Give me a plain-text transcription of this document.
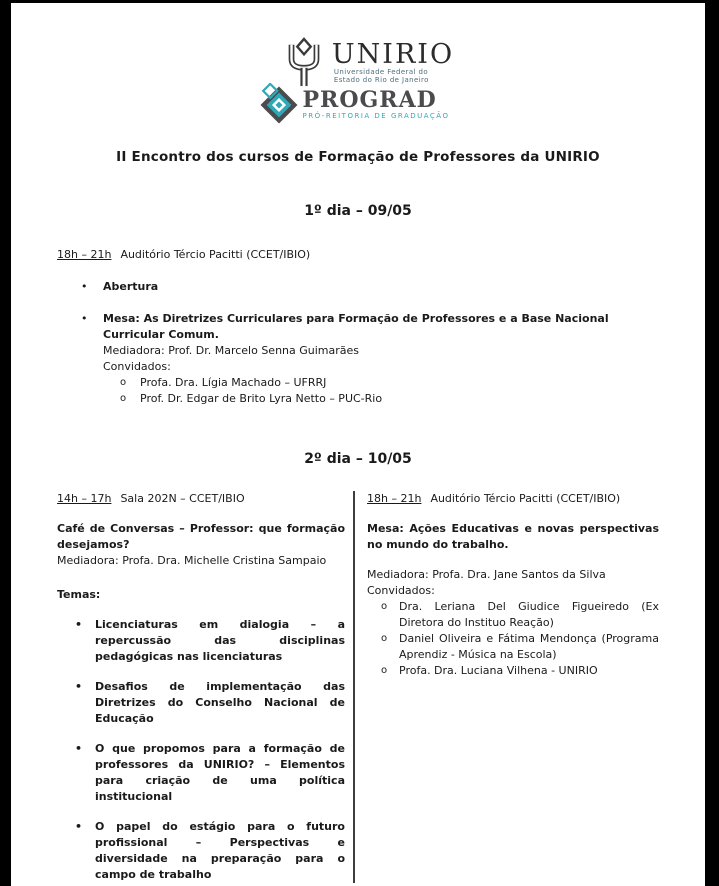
UNIRIO
Universidade Federal do
Estado do Rio de Janeiro
PROGRAD
PRÓ-REITORIA DE GRADUAÇÃO
II Encontro dos cursos de Formação de Professores da UNIRIO
1º dia – 09/05
18h – 21h Auditório Tércio Pacitti (CCET/IBIO)
•	Abertura
•	Mesa: As Diretrizes Curriculares para Formação de Professores e a Base Nacional Curricular Comum.
Mediadora: Prof. Dr. Marcelo Senna Guimarães
Convidados:
o	Profa. Dra. Lígia Machado – UFRRJ
o	Prof. Dr. Edgar de Brito Lyra Netto – PUC-Rio
2º dia – 10/05
14h – 17h Sala 202N – CCET/IBIO
Café de Conversas – Professor: que formação desejamos?
Mediadora: Profa. Dra. Michelle Cristina Sampaio
Temas:
•	Licenciaturas em dialogia – a repercussão das disciplinas pedagógicas nas licenciaturas
•	Desafios de implementação das Diretrizes do Conselho Nacional de Educação
•	O que propomos para a formação de professores da UNIRIO? – Elementos para criação de uma política institucional
•	O papel do estágio para o futuro profissional – Perspectivas e diversidade na preparação para o campo de trabalho
18h – 21h Auditório Tércio Pacitti (CCET/IBIO)
Mesa: Ações Educativas e novas perspectivas no mundo do trabalho.
Mediadora: Profa. Dra. Jane Santos da Silva
Convidados:
o	Dra. Leriana Del Giudice Figueiredo (Ex Diretora do Instituo Reação)
o	Daniel Oliveira e Fátima Mendonça (Programa Aprendiz - Música na Escola)
o	Profa. Dra. Luciana Vilhena - UNIRIO
